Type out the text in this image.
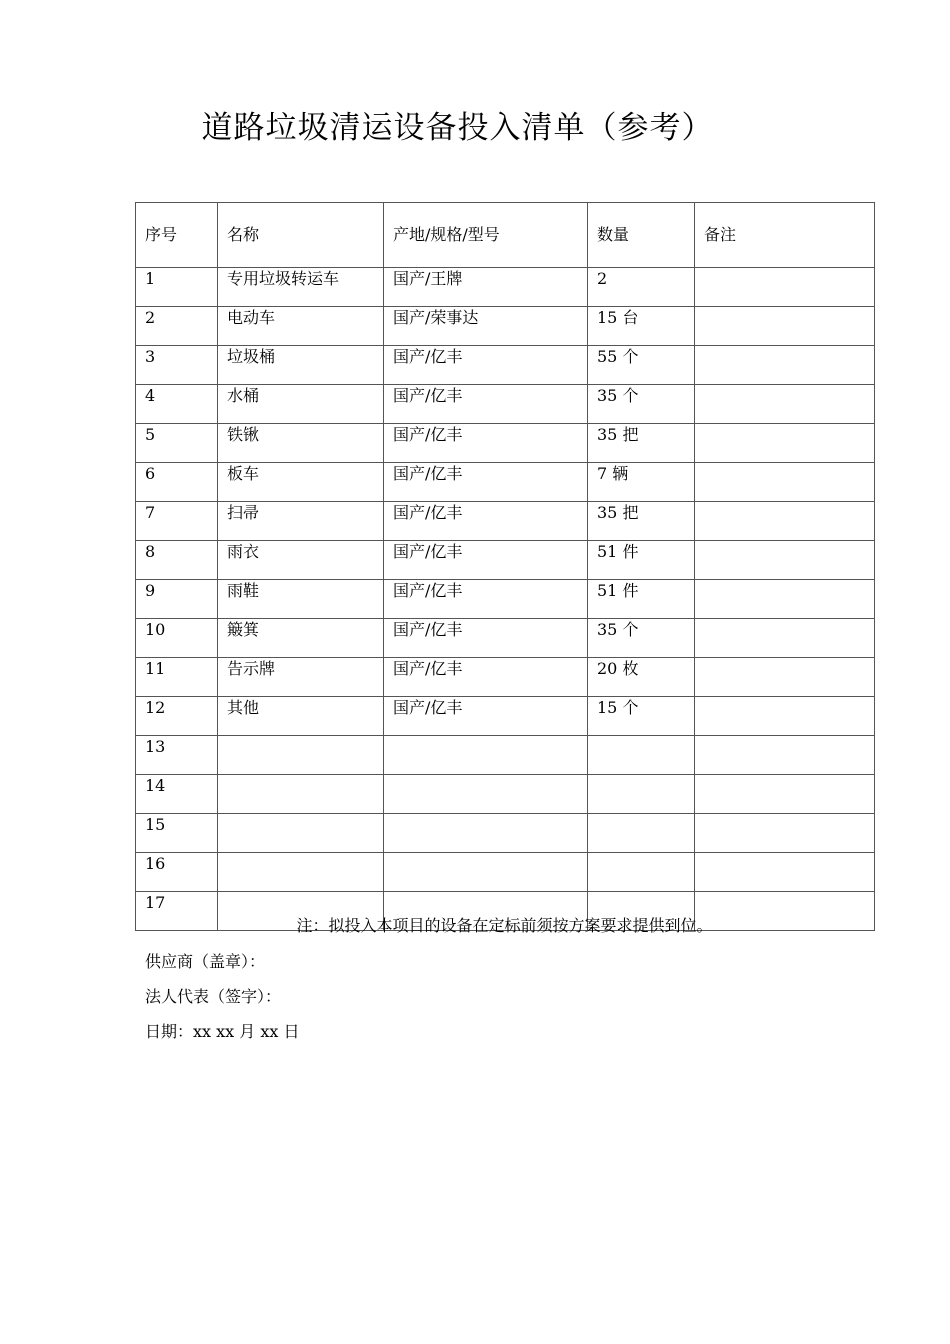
道路垃圾清运设备投入清单（参考）
序号	名称	产地/规格/型号	数量	备注
1	专用垃圾转运车	国产/王牌	2	
2	电动车	国产/荣事达	15 台	
3	垃圾桶	国产/亿丰	55 个	
4	水桶	国产/亿丰	35 个	
5	铁锹	国产/亿丰	35 把	
6	板车	国产/亿丰	7 辆	
7	扫帚	国产/亿丰	35 把	
8	雨衣	国产/亿丰	51 件	
9	雨鞋	国产/亿丰	51 件	
10	簸箕	国产/亿丰	35 个	
11	告示牌	国产/亿丰	20 枚	
12	其他	国产/亿丰	15 个	
13				
14				
15				
16				
17				
注：拟投入本项目的设备在定标前须按方案要求提供到位。
供应商（盖章）：
法人代表（签字）：
日期：xx xx 月 xx 日
